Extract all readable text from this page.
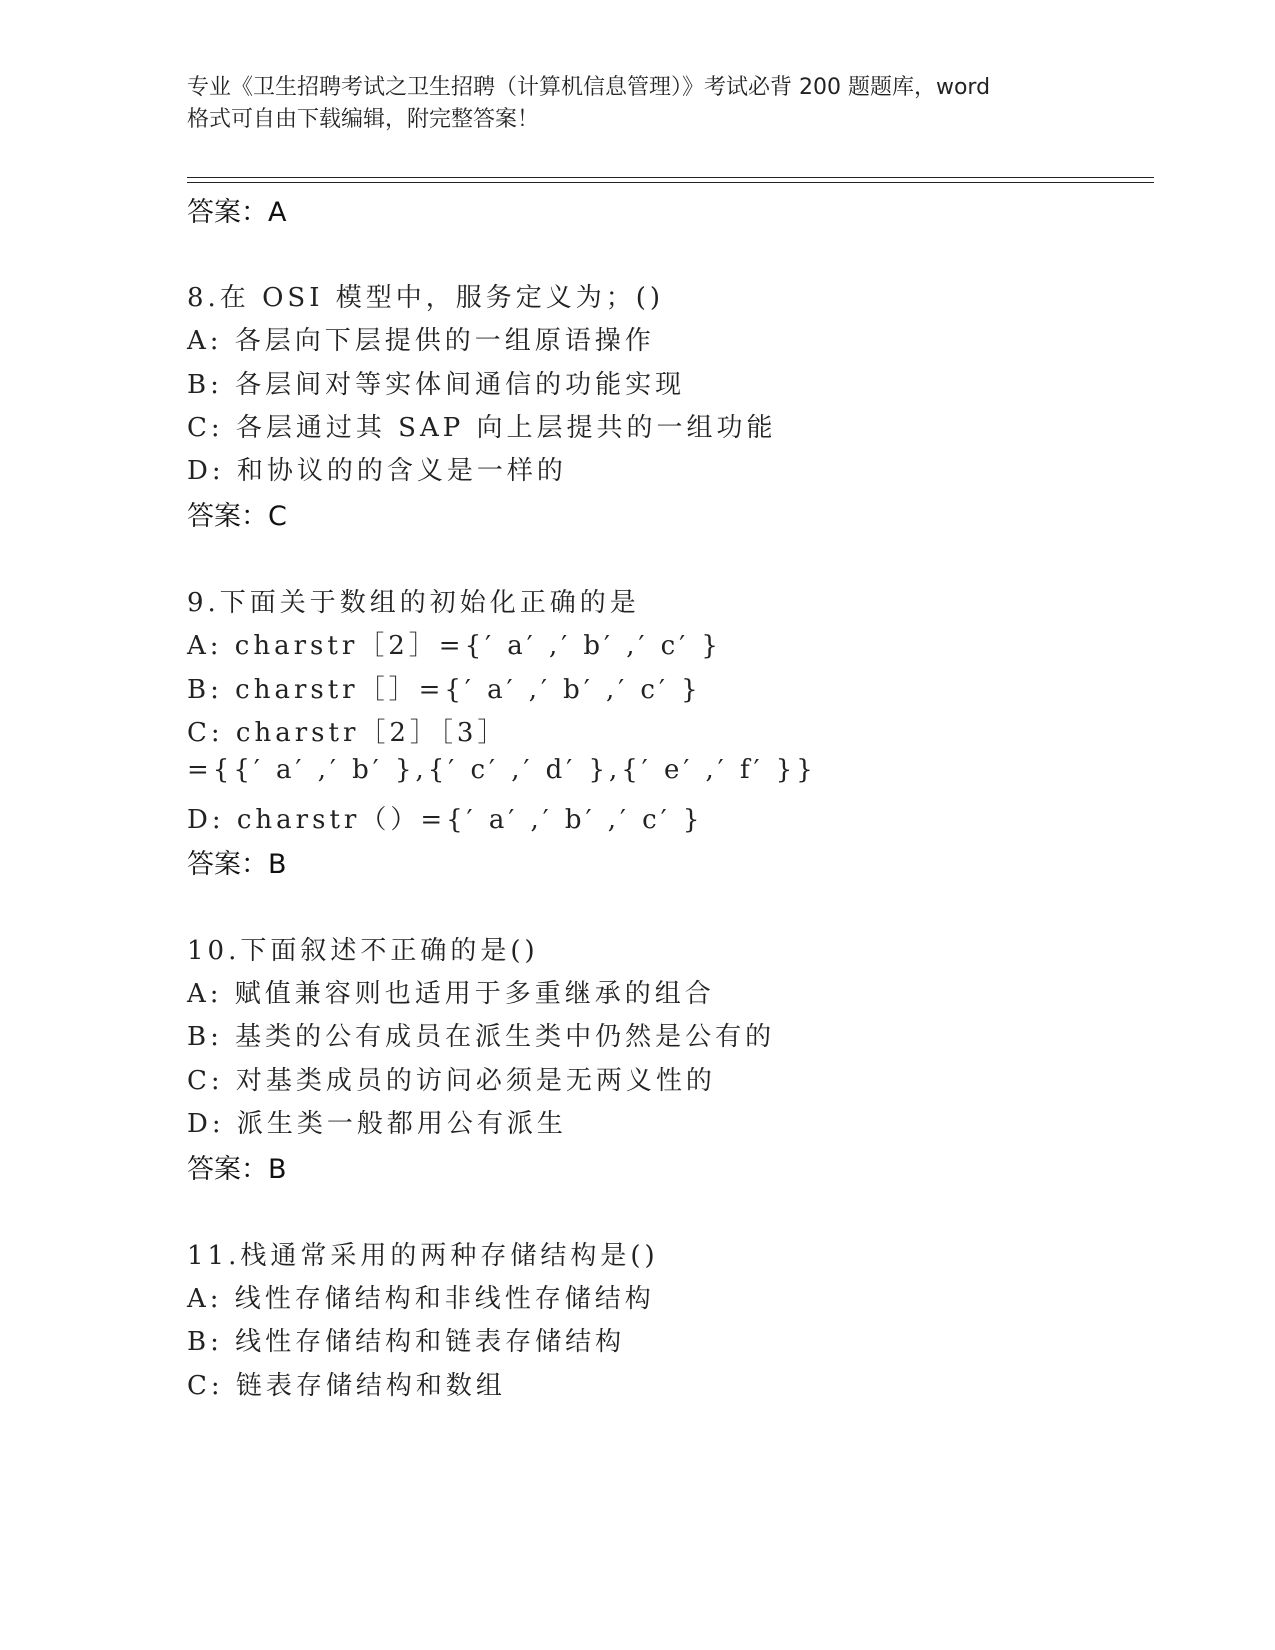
专业《卫生招聘考试之卫生招聘（计算机信息管理）》考试必背 200 题题库，word
格式可自由下载编辑，附完整答案！
答案：A
8.在 OSI 模型中，服务定义为；()
A: 各层向下层提供的一组原语操作
B: 各层间对等实体间通信的功能实现
C: 各层通过其 SAP 向上层提共的一组功能
D: 和协议的的含义是一样的
答案：C
9.下面关于数组的初始化正确的是
A: charstr［2］={′ a′ ,′ b′ ,′ c′ }
B: charstr［］={′ a′ ,′ b′ ,′ c′ }
C: charstr［2］［3］
={{′ a′ ,′ b′ },{′ c′ ,′ d′ },{′ e′ ,′ f′ }}
D: charstr（）={′ a′ ,′ b′ ,′ c′ }
答案：B
10.下面叙述不正确的是()
A: 赋值兼容则也适用于多重继承的组合
B: 基类的公有成员在派生类中仍然是公有的
C: 对基类成员的访问必须是无两义性的
D: 派生类一般都用公有派生
答案：B
11.栈通常采用的两种存储结构是()
A: 线性存储结构和非线性存储结构
B: 线性存储结构和链表存储结构
C: 链表存储结构和数组
